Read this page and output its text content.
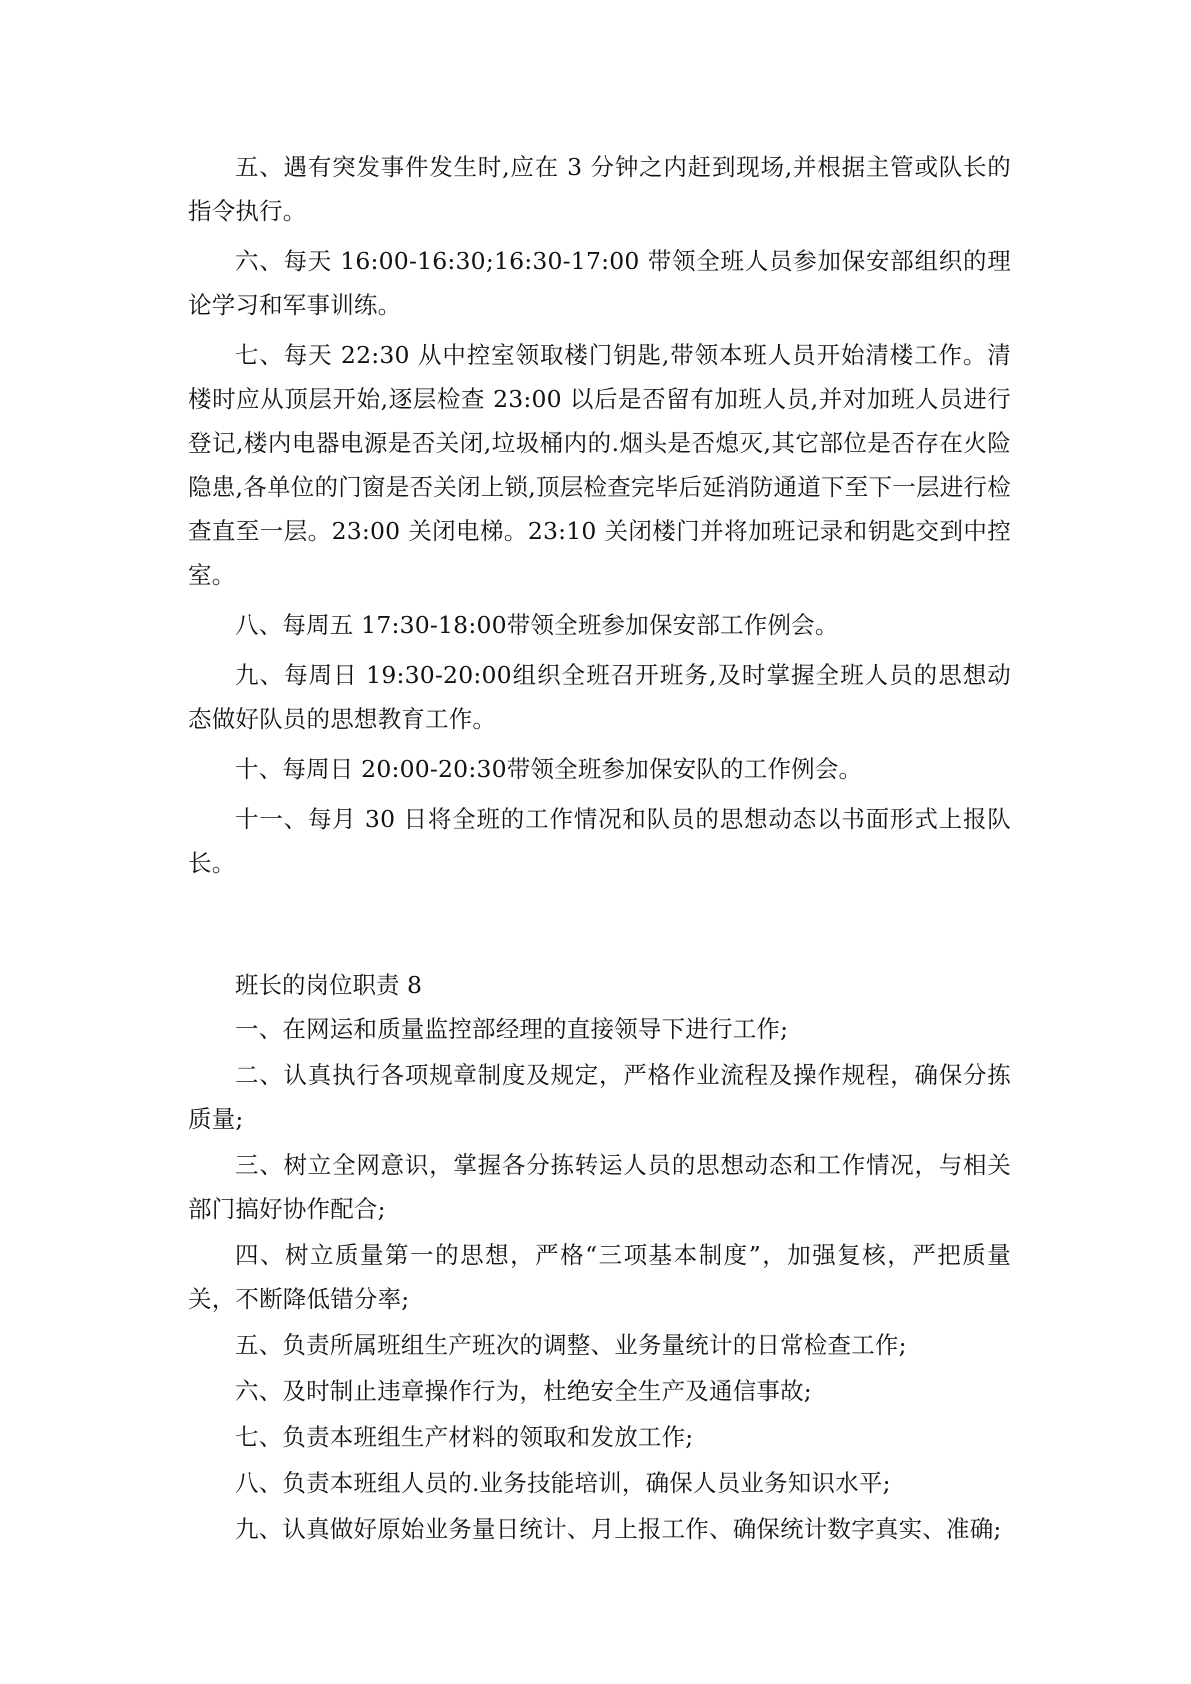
五、遇有突发事件发生时,应在 3 分钟之内赶到现场,并根据主管或队长的指令执行。

六、每天 16:00-16:30;16:30-17:00 带领全班人员参加保安部组织的理论学习和军事训练。

七、每天 22:30 从中控室领取楼门钥匙,带领本班人员开始清楼工作。清楼时应从顶层开始,逐层检查 23:00 以后是否留有加班人员,并对加班人员进行登记,楼内电器电源是否关闭,垃圾桶内的.烟头是否熄灭,其它部位是否存在火险隐患,各单位的门窗是否关闭上锁,顶层检查完毕后延消防通道下至下一层进行检查直至一层。23:00 关闭电梯。23:10 关闭楼门并将加班记录和钥匙交到中控室。

八、每周五 17:30-18:00带领全班参加保安部工作例会。

九、每周日 19:30-20:00组织全班召开班务,及时掌握全班人员的思想动态做好队员的思想教育工作。

十、每周日 20:00-20:30带领全班参加保安队的工作例会。

十一、每月 30 日将全班的工作情况和队员的思想动态以书面形式上报队长。

班长的岗位职责 8

一、在网运和质量监控部经理的直接领导下进行工作;

二、认真执行各项规章制度及规定，严格作业流程及操作规程，确保分拣质量;

三、树立全网意识，掌握各分拣转运人员的思想动态和工作情况，与相关部门搞好协作配合;

四、树立质量第一的思想，严格“三项基本制度”，加强复核，严把质量关，不断降低错分率;

五、负责所属班组生产班次的调整、业务量统计的日常检查工作;

六、及时制止违章操作行为，杜绝安全生产及通信事故;

七、负责本班组生产材料的领取和发放工作;

八、负责本班组人员的.业务技能培训，确保人员业务知识水平;

九、认真做好原始业务量日统计、月上报工作、确保统计数字真实、准确;
